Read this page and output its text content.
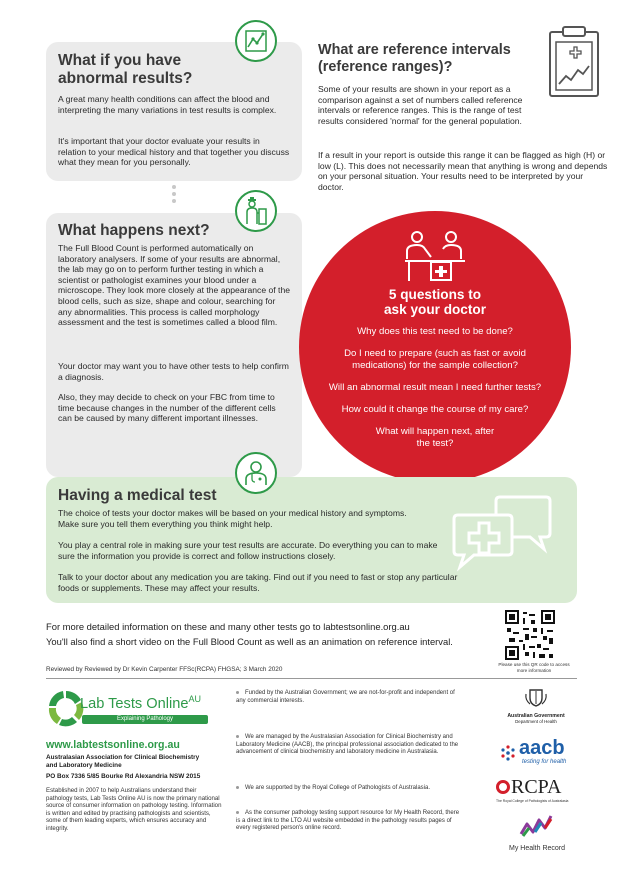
What if you have
abnormal results?

A great many health conditions can affect the blood and interpreting the many variations in test results is complex.

It's important that your doctor evaluate your results in relation to your medical history and that together you discuss what they mean for you personally.

What are reference intervals
(reference ranges)?

Some of your results are shown in your report as a comparison against a set of numbers called reference intervals or reference ranges. This is the range of test results considered 'normal' for the general population.

If a result in your report is outside this range it can be flagged as high (H) or low (L). This does not necessarily mean that anything is wrong and depends on your personal situation. Your results need to be interpreted by your doctor.

What happens next?

The Full Blood Count is performed automatically on laboratory analysers. If some of your results are abnormal, the lab may go on to perform further testing in which a scientist or pathologist examines your blood under a microscope. They look more closely at the appearance of the blood cells, such as size, shape and colour, searching for any abnormalities. This process is called morphology assessment and the test is sometimes called a blood film.

Your doctor may want you to have other tests to help confirm a diagnosis.

Also, they may decide to check on your FBC from time to time because changes in the number of the different cells can be caused by many different important illnesses.

5 questions to
ask your doctor

Why does this test need to be done?

Do I need to prepare (such as fast or avoid medications) for the sample collection?

Will an abnormal result mean I need further tests?

How could it change the course of my care?

What will happen next, after the test?

Having a medical test

The choice of tests your doctor makes will be based on your medical history and symptoms. Make sure you tell them everything you think might help.

You play a central role in making sure your test results are accurate. Do everything you can to make sure the information you provide is correct and follow instructions closely.

Talk to your doctor about any medication you are taking. Find out if you need to fast or stop any particular foods or supplements. These may affect your results.

For more detailed information on these and many other tests go to labtestsonline.org.au

You'll also find a short video on the Full Blood Count as well as an animation on reference interval.

Reviewed by Reviewed by Dr Kevin Carpenter FFSc(RCPA) FHGSA; 3 March 2020

Please use this QR code to access more information

Lab Tests Online$^{AU}$
Explaining Pathology
www.labtestsonline.org.au

Australasian Association for Clinical Biochemistry
and Laboratory Medicine

PO Box 7336 5/85 Bourke Rd Alexandria NSW 2015

Established in 2007 to help Australians understand their pathology tests, Lab Tests Online AU is now the primary national source of consumer information on pathology testing. Information is written and edited by practising pathologists and scientists, some of them leading experts, which ensures accuracy and integrity.

Funded by the Australian Government; we are not-for-profit and independent of any commercial interests.

We are managed by the Australasian Association for Clinical Biochemistry and Laboratory Medicine (AACB), the principal professional association dedicated to the advancement of clinical biochemistry and laboratory medicine in Australasia.

We are supported by the Royal College of Pathologists of Australasia.

As the consumer pathology testing support resource for My Health Record, there is a direct link to the LTO AU website embedded in the pathology results pages of every registered person's online record.

Australian Government
Department of Health
aacb
testing for health
RCPA
The Royal College of Pathologists of Australasia
My Health Record
